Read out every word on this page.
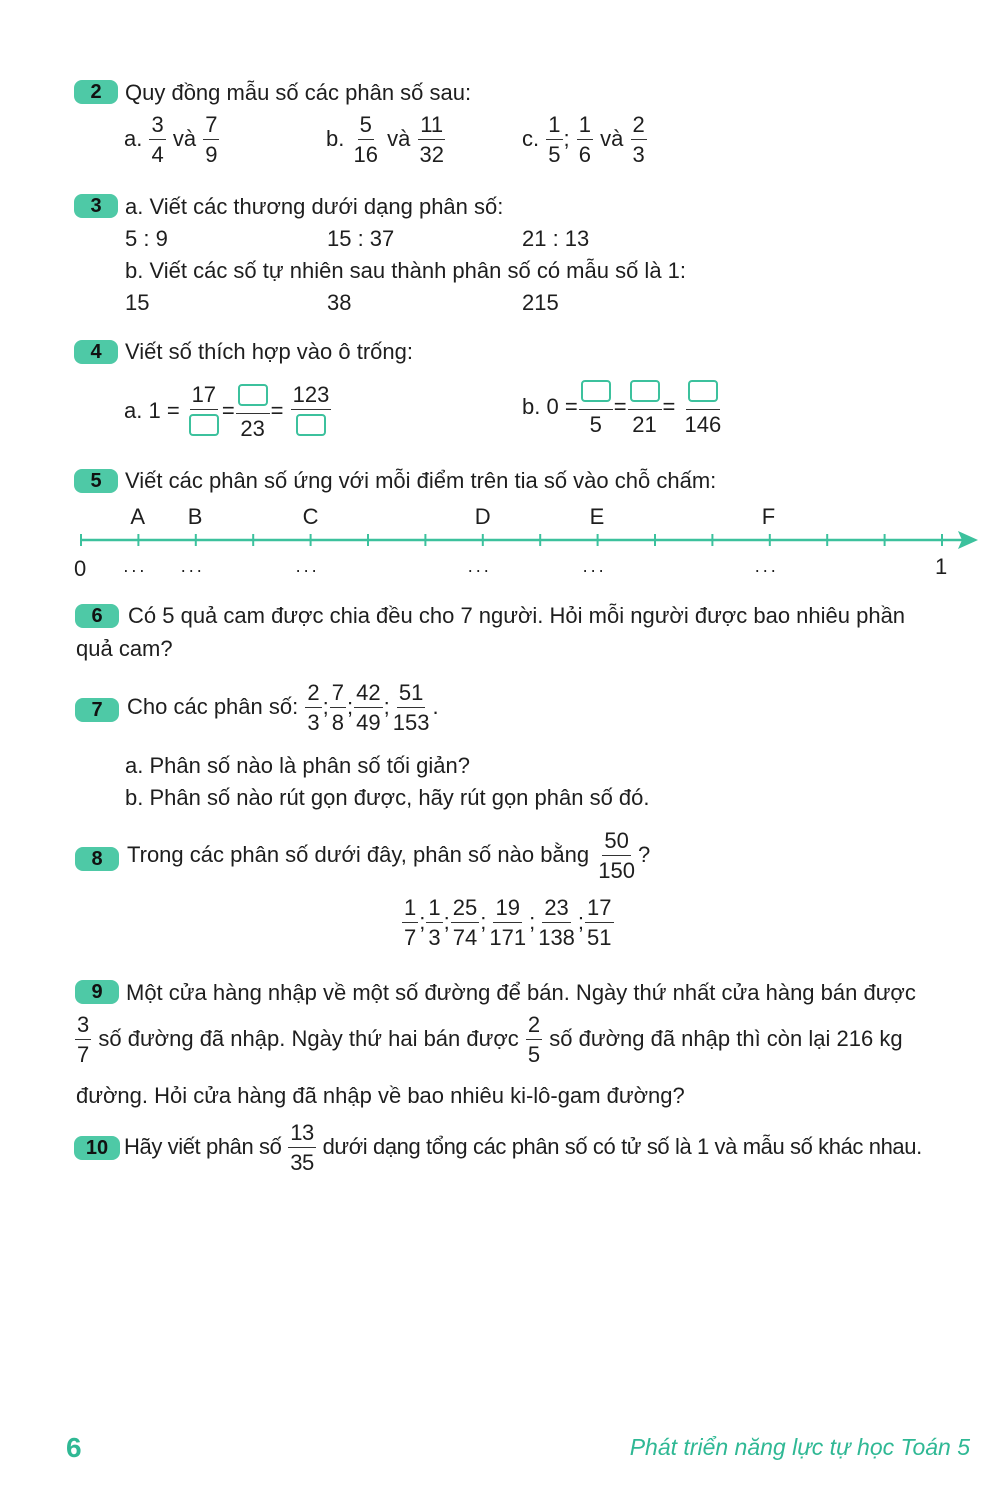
2	Quy đồng mẫu số các phân số sau:
a. $\frac{3}{4}$ và $\frac{7}{9}$	b. $\frac{5}{16}$ và $\frac{11}{32}$	c. $\frac{1}{5}$ ; $\frac{1}{6}$ và $\frac{2}{3}$
3	a. Viết các thương dưới dạng phân số:
5 : 9	15 : 37	21 : 13
b. Viết các số tự nhiên sau thành phân số có mẫu số là 1:
15	38	215
4	Viết số thích hợp vào ô trống:
a. 1 =
17
=
23
=
123	b. 0 =
5
=
21
=
146
5	Viết các phân số ứng với mỗi điểm trên tia số vào chỗ chấm:
0	1
A
...
B
...
C
...
D
...
E
...
F
...
6	Có 5 quả cam được chia đều cho 7 người. Hỏi mỗi người được bao nhiêu phần
quả cam?
7	Cho các phân số: $\frac{2}{3}$ ; $\frac{7}{8}$ ; $\frac{42}{49}$ ; $\frac{51}{153}$ .
a. Phân số nào là phân số tối giản?
b. Phân số nào rút gọn được, hãy rút gọn phân số đó.
8	Trong các phân số dưới đây, phân số nào bằng $\frac{50}{150}$ ?
$\frac{1}{7}$ ; $\frac{1}{3}$ ; $\frac{25}{74}$ ; $\frac{19}{171}$ ; $\frac{23}{138}$ ; $\frac{17}{51}$
9	Một cửa hàng nhập về một số đường để bán. Ngày thứ nhất cửa hàng bán được
$\frac{3}{7}$ số đường đã nhập. Ngày thứ hai bán được $\frac{2}{5}$ số đường đã nhập thì còn lại 216 kg
đường. Hỏi cửa hàng đã nhập về bao nhiêu ki-lô-gam đường?
10 Hãy viết phân số $\frac{13}{35}$ dưới dạng tổng các phân số có tử số là 1 và mẫu số khác nhau.
6	Phát triển năng lực tự học Toán 5
